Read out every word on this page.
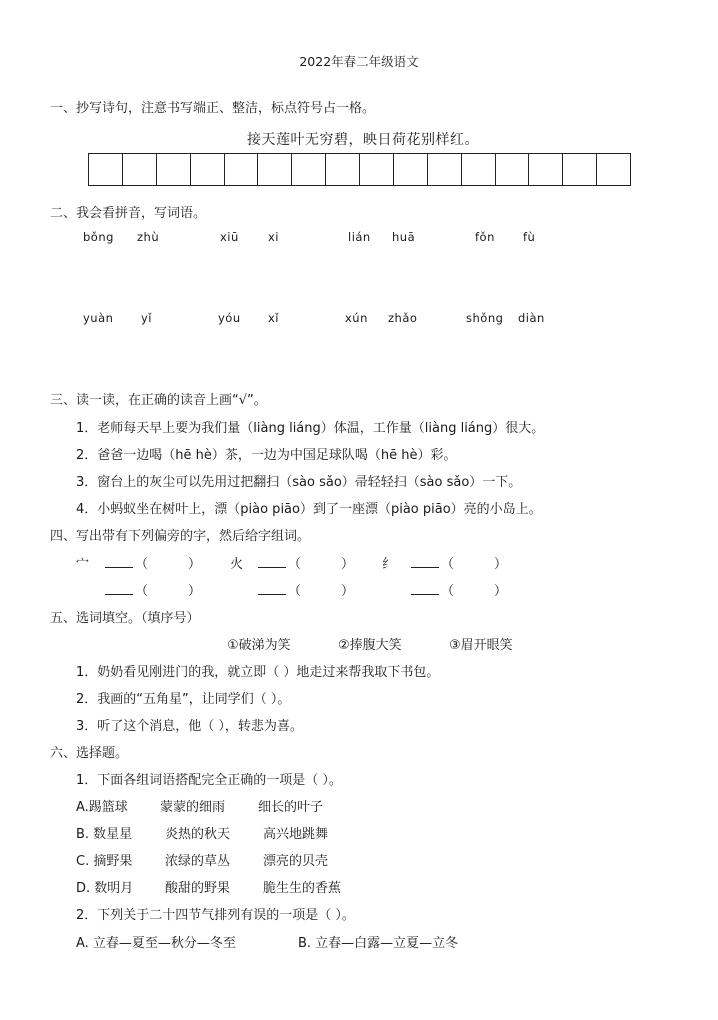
2022年春二年级语文
一、抄写诗句，注意书写端正、整洁，标点符号占一格。
接天莲叶无穷碧，映日荷花别样红。
二、我会看拼音，写词语。
bǒng zhù	xiū	xi	lián huā	fǒn fù
yuàn yǐ	yóu xǐ	xún zhǎo	shǒng diàn
三、读一读，在正确的读音上画“√”。
1．老师每天早上要为我们量（liàng liáng）体温，工作量（liàng liáng）很大。
2．爸爸一边喝（hē hè）茶，一边为中国足球队喝（hē hè）彩。
3．窗台上的灰尘可以先用过把翻扫（sào sǎo）帚轻轻扫（sào sǎo）一下。
4．小蚂蚁坐在树叶上，漂（piào piāo）到了一座漂（piào piāo）亮的小岛上。
四、写出带有下列偏旁的字，然后给字组词。
宀	（	） 火	（	） 纟	（	）
（	）	（	）	（	）
五、选词填空。（填序号）
①破涕为笑	②捧腹大笑	③眉开眼笑
1．奶奶看见刚进门的我，就立即（ ）地走过来帮我取下书包。
2．我画的“五角星”，让同学们（ ）。
3．听了这个消息，他（ ），转悲为喜。
六、选择题。
1．下面各组词语搭配完全正确的一项是（ ）。
A.踢篮球 蒙蒙的细雨	细长的叶子
B. 数星星	炎热的秋天	高兴地跳舞
C. 摘野果	浓绿的草丛	漂亮的贝壳
D. 数明月 酸甜的野果	脆生生的香蕉
2．下列关于二十四节气排列有误的一项是（ ）。
A. 立春—夏至—秋分—冬至	B. 立春—白露—立夏—立冬
